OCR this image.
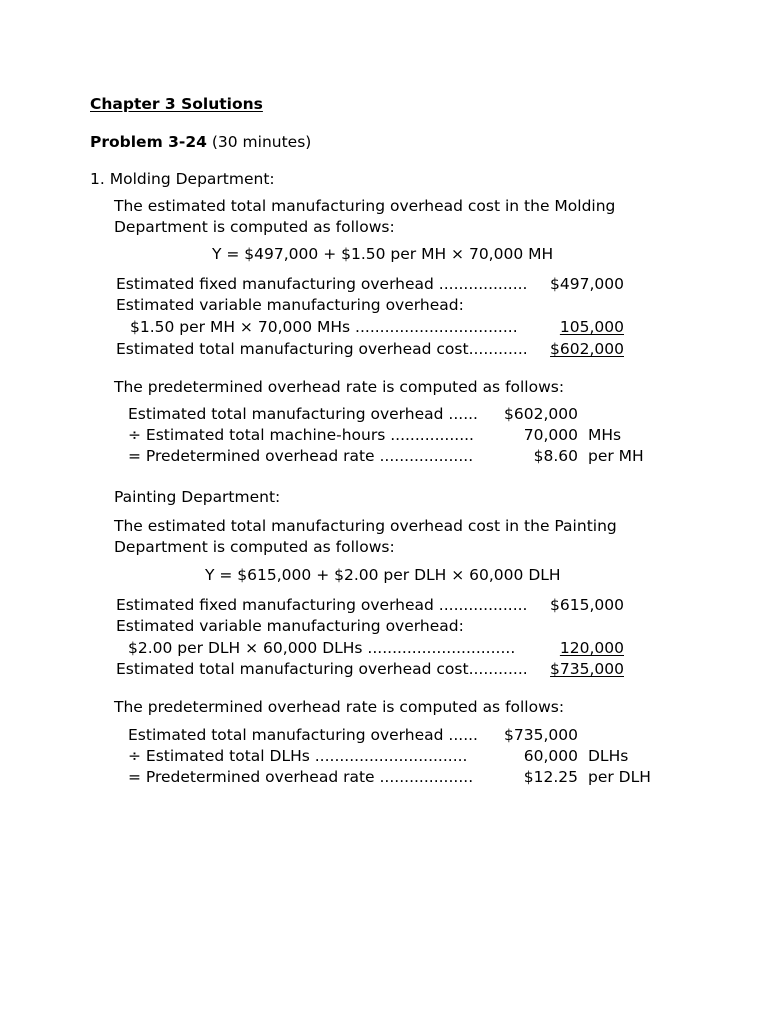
Chapter 3 Solutions
Problem 3-24 (30 minutes)
1. Molding Department:
The estimated total manufacturing overhead cost in the Molding
Department is computed as follows:
Y = $497,000 + $1.50 per MH × 70,000 MH
Estimated fixed manufacturing overhead ..................	$497,000
Estimated variable manufacturing overhead:
$1.50 per MH × 70,000 MHs .................................	105,000
Estimated total manufacturing overhead cost............	$602,000
The predetermined overhead rate is computed as follows:
Estimated total manufacturing overhead ......	$602,000
÷ Estimated total machine-hours .................	70,000 MHs
= Predetermined overhead rate ...................	$8.60 per MH
Painting Department:
The estimated total manufacturing overhead cost in the Painting
Department is computed as follows:
Y = $615,000 + $2.00 per DLH × 60,000 DLH
Estimated fixed manufacturing overhead ..................	$615,000
Estimated variable manufacturing overhead:
$2.00 per DLH × 60,000 DLHs ..............................	120,000
Estimated total manufacturing overhead cost............	$735,000
The predetermined overhead rate is computed as follows:
Estimated total manufacturing overhead ......	$735,000
÷ Estimated total DLHs ...............................	60,000 DLHs
= Predetermined overhead rate ...................	$12.25 per DLH
